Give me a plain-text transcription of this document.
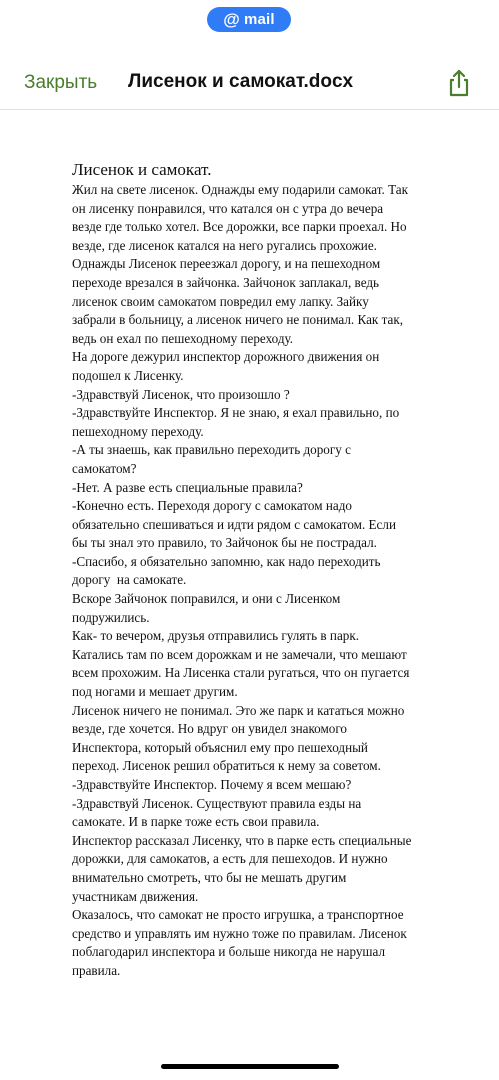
@ mail
Закрыть Лисенок и самокат.docx
Лисенок и самокат.

Жил на свете лисенок. Однажды ему подарили самокат. Так
он лисенку понравился, что катался он с утра до вечера
везде где только хотел. Все дорожки, все парки проехал. Но
везде, где лисенок катался на него ругались прохожие.
Однажды Лисенок переезжал дорогу, и на пешеходном
переходе врезался в зайчонка. Зайчонок заплакал, ведь
лисенок своим самокатом повредил ему лапку. Зайку
забрали в больницу, а лисенок ничего не понимал. Как так,
ведь он ехал по пешеходному переходу.

На дороге дежурил инспектор дорожного движения он
подошел к Лисенку.

-Здравствуй Лисенок, что произошло ?

-Здравствуйте Инспектор. Я не знаю, я ехал правильно, по
пешеходному переходу.

-А ты знаешь, как правильно переходить дорогу с
самокатом?

-Нет. А разве есть специальные правила?

-Конечно есть. Переходя дорогу с самокатом надо
обязательно спешиваться и идти рядом с самокатом. Если
бы ты знал это правило, то Зайчонок бы не пострадал.

-Спасибо, я обязательно запомню, как надо переходить
дорогу  на самокате.

Вскоре Зайчонок поправился, и они с Лисенком
подружились.

Как- то вечером, друзья отправились гулять в парк.
Катались там по всем дорожкам и не замечали, что мешают
всем прохожим. На Лисенка стали ругаться, что он пугается
под ногами и мешает другим.

Лисенок ничего не понимал. Это же парк и кататься можно
везде, где хочется. Но вдруг он увидел знакомого
Инспектора, который объяснил ему про пешеходный
переход. Лисенок решил обратиться к нему за советом.

-Здравствуйте Инспектор. Почему я всем мешаю?

-Здравствуй Лисенок. Существуют правила езды на
самокате. И в парке тоже есть свои правила.

Инспектор рассказал Лисенку, что в парке есть специальные
дорожки, для самокатов, а есть для пешеходов. И нужно
внимательно смотреть, что бы не мешать другим
участникам движения.

Оказалось, что самокат не просто игрушка, а транспортное
средство и управлять им нужно тоже по правилам. Лисенок
поблагодарил инспектора и больше никогда не нарушал
правила.
